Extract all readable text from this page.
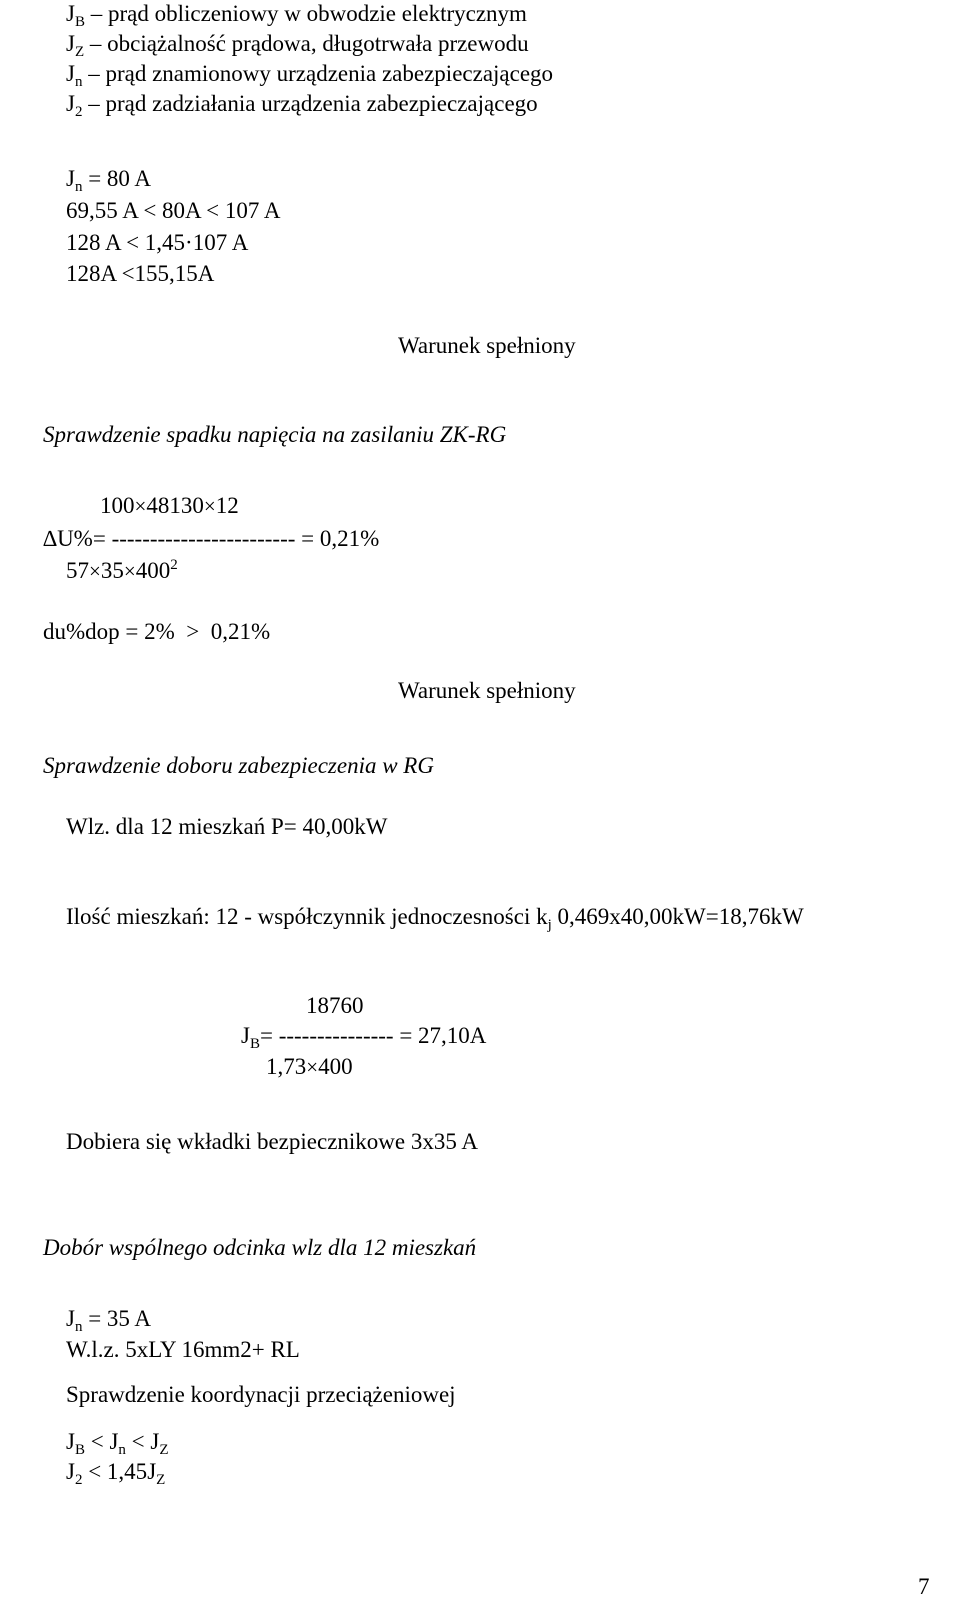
$J_B$ – prąd obliczeniowy w obwodzie elektrycznym
$J_Z$ – obciążalność prądowa, długotrwała przewodu
$J_n$ – prąd znamionowy urządzenia zabezpieczającego
$J_2$ – prąd zadziałania urządzenia zabezpieczającego
$J_n = 80$ A
69,55 A < 80A < 107 A
128 A < 1,45·107 A
128A <155,15A
Warunek spełniony
Sprawdzenie spadku napięcia na zasilaniu ZK-RG
100×48130×12
∆U%= ------------------------ = 0,21%
$57\times 35\times 400^2$
du%dop = 2%  >  0,21%
Warunek spełniony
Sprawdzenie doboru zabezpieczenia w RG
Wlz. dla 12 mieszkań P= 40,00kW
Ilość mieszkań: 12 - współczynnik jednoczesności $k_j$ 0,469x40,00kW=18,76kW
18760
$J_B=$ --------------- = 27,10A
1,73×400
Dobiera się wkładki bezpiecznikowe 3x35 A
Dobór wspólnego odcinka wlz dla 12 mieszkań
$J_n = 35$ A
W.l.z. 5xLY 16mm2+ RL
Sprawdzenie koordynacji przeciążeniowej
$J_B < J_n < J_Z$
$J_2 < 1,45J_Z$
7
